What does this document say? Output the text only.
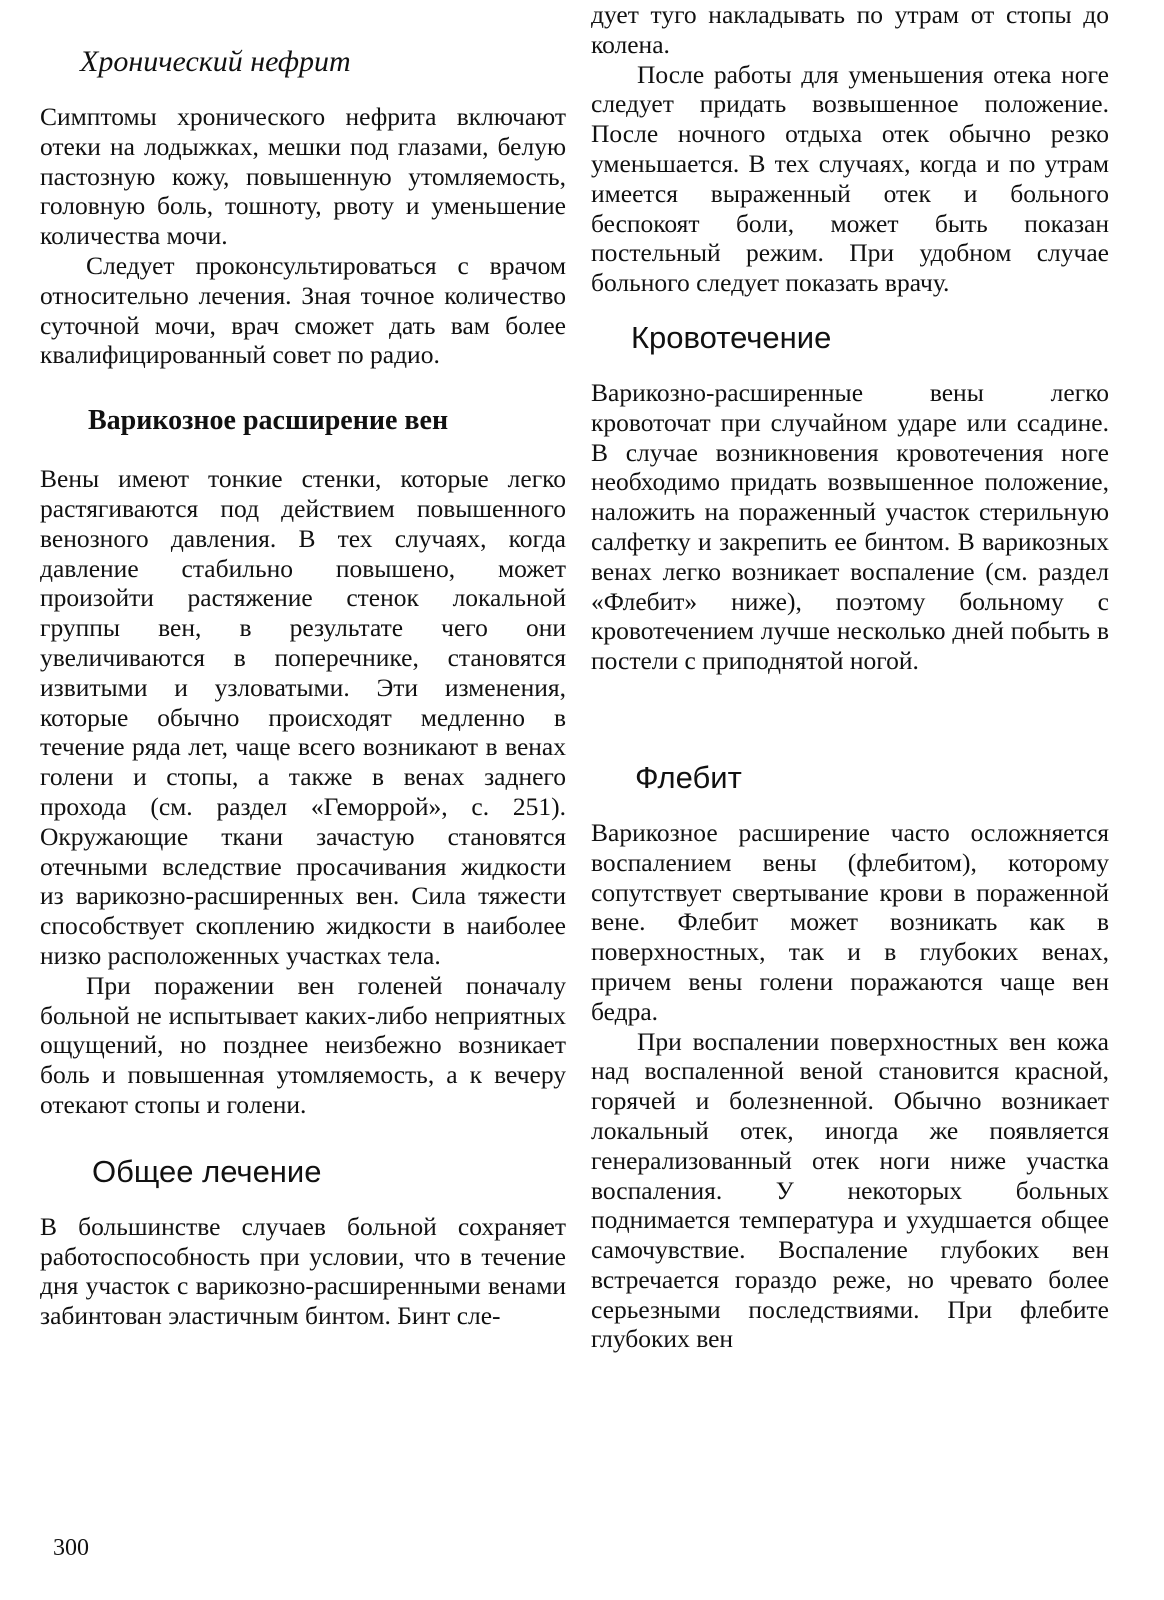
Хронический нефрит

Симптомы хронического нефрита включают отеки на лодыжках, мешки под глазами, белую пастозную кожу, повышенную утомляемость, головную боль, тошноту, рвоту и уменьшение количества мочи.

Следует проконсультироваться с врачом относительно лечения. Зная точное количество суточной мочи, врач сможет дать вам более квалифицированный совет по радио.

Варикозное расширение вен

Вены имеют тонкие стенки, которые легко растягиваются под действием повышенного венозного давления. В тех случаях, когда давление стабильно повышено, может произойти растяжение стенок локальной группы вен, в результате чего они увеличиваются в поперечнике, становятся извитыми и узловатыми. Эти изменения, которые обычно происходят медленно в течение ряда лет, чаще всего возникают в венах голени и стопы, а также в венах заднего прохода (см. раздел «Геморрой», с. 251). Окружающие ткани зачастую становятся отечными вследствие просачивания жидкости из варикозно-расширенных вен. Сила тяжести способствует скоплению жидкости в наиболее низко расположенных участках тела.

При поражении вен голеней поначалу больной не испытывает каких-либо неприятных ощущений, но позднее неизбежно возникает боль и повышенная утомляемость, а к вечеру отекают стопы и голени.

Общее лечение

В большинстве случаев больной сохраняет работоспособность при условии, что в течение дня участок с варикозно-расширенными венами забинтован эластичным бинтом. Бинт сле-

дует туго накладывать по утрам от стопы до колена.

После работы для уменьшения отека ноге следует придать возвышенное положение. После ночного отдыха отек обычно резко уменьшается. В тех случаях, когда и по утрам имеется выраженный отек и больного беспокоят боли, может быть показан постельный режим. При удобном случае больного следует показать врачу.

Кровотечение

Варикозно-расширенные вены легко кровоточат при случайном ударе или ссадине. В случае возникновения кровотечения ноге необходимо придать возвышенное положение, наложить на пораженный участок стерильную салфетку и закрепить ее бинтом. В варикозных венах легко возникает воспаление (см. раздел «Флебит» ниже), поэтому больному с кровотечением лучше несколько дней побыть в постели с приподнятой ногой.

Флебит

Варикозное расширение часто осложняется воспалением вены (флебитом), которому сопутствует свертывание крови в пораженной вене. Флебит может возникать как в поверхностных, так и в глубоких венах, причем вены голени поражаются чаще вен бедра.

При воспалении поверхностных вен кожа над воспаленной веной становится красной, горячей и болезненной. Обычно возникает локальный отек, иногда же появляется генерализованный отек ноги ниже участка воспаления. У некоторых больных поднимается температура и ухудшается общее самочувствие. Воспаление глубоких вен встречается гораздо реже, но чревато более серьезными последствиями. При флебите глубоких вен

300
